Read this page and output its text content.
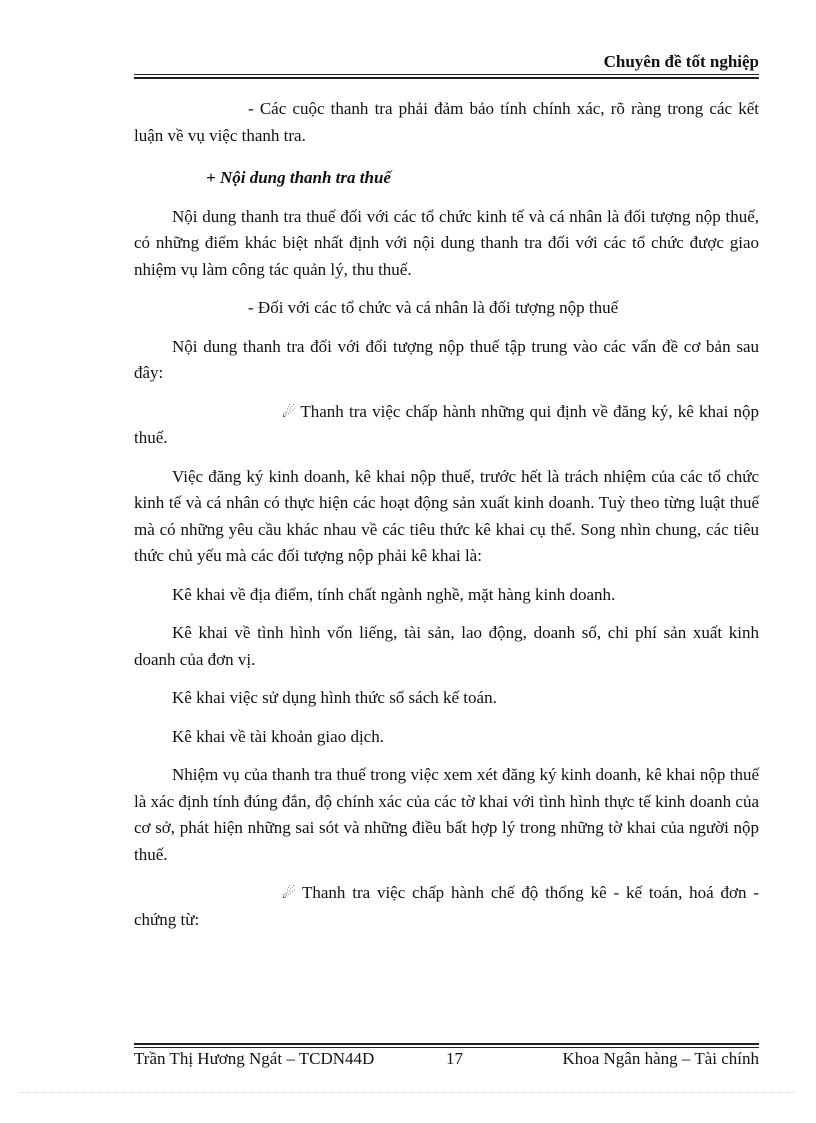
Chuyên đề tốt nghiệp

- Các cuộc thanh tra phải đảm bảo tính chính xác, rõ ràng trong các kết luận về vụ việc thanh tra.

+ Nội dung thanh tra thuế

Nội dung thanh tra thuế đối với các tổ chức kinh tế và cá nhân là đối tượng nộp thuế, có những điểm khác biệt nhất định với nội dung thanh tra đối với các tổ chức được giao nhiệm vụ làm công tác quản lý, thu thuế.

- Đối với các tổ chức và cá nhân là đối tượng nộp thuế

Nội dung thanh tra đối với đối tượng nộp thuế tập trung vào các vấn đề cơ bản sau đây:

☄ Thanh tra việc chấp hành những qui định về đăng ký, kê khai nộp thuế.

Việc đăng ký kinh doanh, kê khai nộp thuế, trước hết là trách nhiệm của các tổ chức kinh tế và cá nhân có thực hiện các hoạt động sản xuất kinh doanh. Tuỳ theo từng luật thuế mà có những yêu cầu khác nhau về các tiêu thức kê khai cụ thể. Song nhìn chung, các tiêu thức chủ yếu mà các đối tượng nộp phải kê khai là:

Kê khai về địa điểm, tính chất ngành nghề, mặt hàng kinh doanh.

Kê khai về tình hình vốn liếng, tài sản, lao động, doanh số, chi phí sản xuất kinh doanh của đơn vị.

Kê khai việc sử dụng hình thức sổ sách kế toán.

Kê khai về tài khoản giao dịch.

Nhiệm vụ của thanh tra thuế trong việc xem xét đăng ký kinh doanh, kê khai nộp thuế là xác định tính đúng đắn, độ chính xác của các tờ khai với tình hình thực tế kinh doanh của cơ sở, phát hiện những sai sót và những điều bất hợp lý trong những tờ khai của người nộp thuế.

☄ Thanh tra việc chấp hành chế độ thống kê - kế toán, hoá đơn - chứng từ:

Trần Thị Hương Ngát – TCDN44D	17	Khoa Ngân hàng – Tài chính
